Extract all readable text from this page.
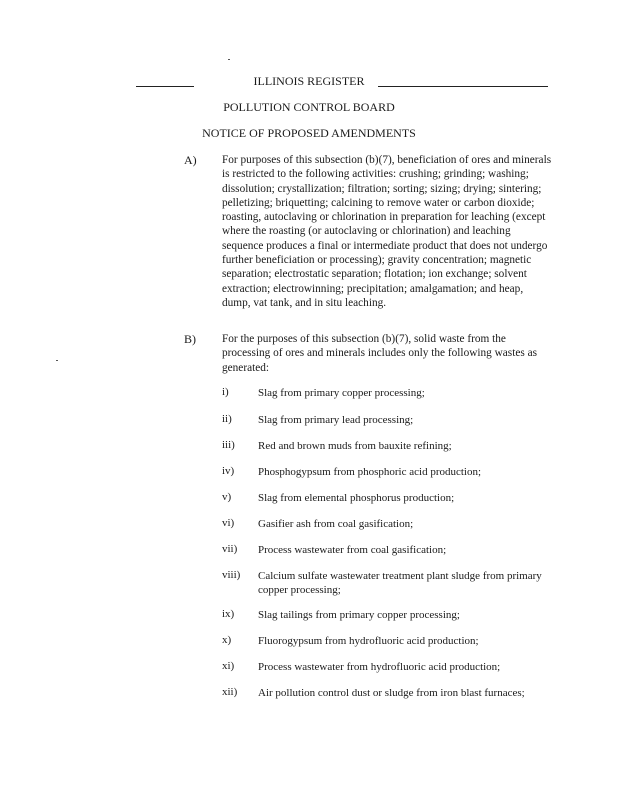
ILLINOIS REGISTER
POLLUTION CONTROL BOARD
NOTICE OF PROPOSED AMENDMENTS
A) For purposes of this subsection (b)(7), beneficiation of ores and minerals is restricted to the following activities: crushing; grinding; washing; dissolution; crystallization; filtration; sorting; sizing; drying; sintering; pelletizing; briquetting; calcining to remove water or carbon dioxide; roasting, autoclaving or chlorination in preparation for leaching (except where the roasting (or autoclaving or chlorination) and leaching sequence produces a final or intermediate product that does not undergo further beneficiation or processing); gravity concentration; magnetic separation; electrostatic separation; flotation; ion exchange; solvent extraction; electrowinning; precipitation; amalgamation; and heap, dump, vat tank, and in situ leaching.
B) For the purposes of this subsection (b)(7), solid waste from the processing of ores and minerals includes only the following wastes as generated:
i)	Slag from primary copper processing;
ii) Slag from primary lead processing;
iii) Red and brown muds from bauxite refining;
iv) Phosphogypsum from phosphoric acid production;
v) Slag from elemental phosphorus production;
vi) Gasifier ash from coal gasification;
vii) Process wastewater from coal gasification;
viii) Calcium sulfate wastewater treatment plant sludge from primary copper processing;
ix) Slag tailings from primary copper processing;
x) Fluorogypsum from hydrofluoric acid production;
xi) Process wastewater from hydrofluoric acid production;
xii) Air pollution control dust or sludge from iron blast furnaces;
